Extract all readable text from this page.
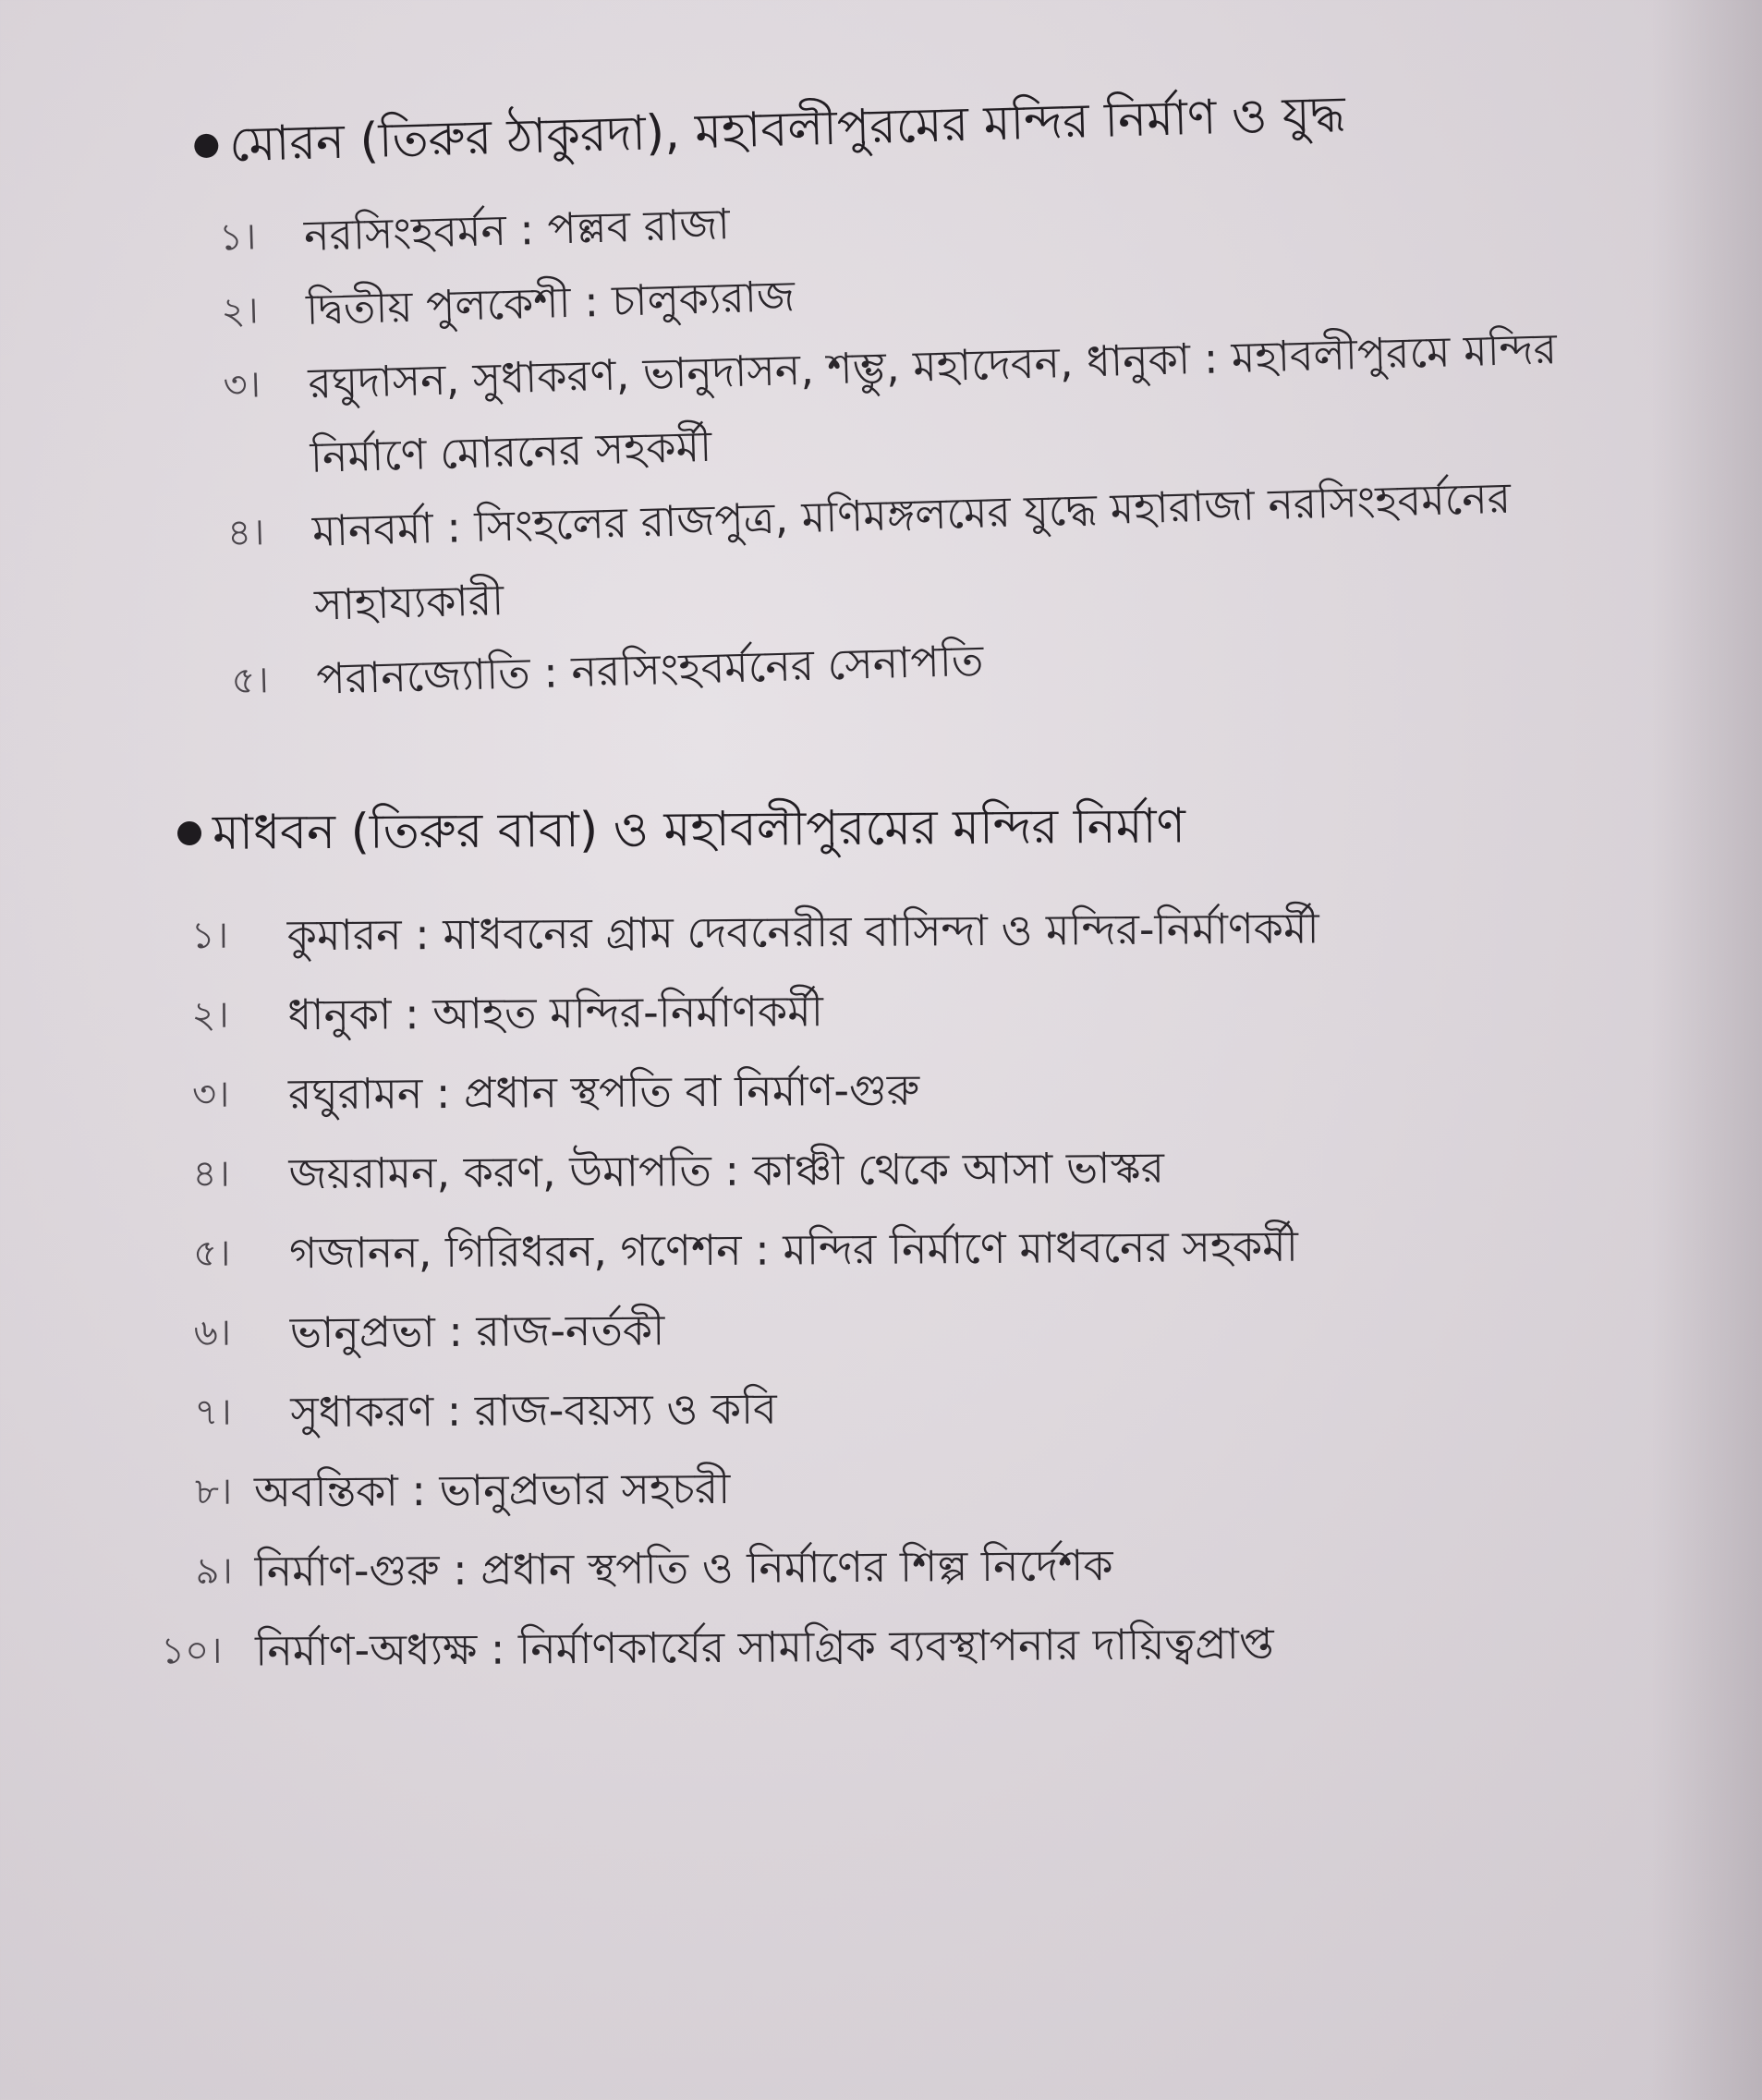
মোরন (তিরুর ঠাকুরদা), মহাবলীপুরমের মন্দির নির্মাণ ও যুদ্ধ
১। নরসিংহবর্মন : পল্লব রাজা
২। দ্বিতীয় পুলকেশী : চালুক্যরাজ
৩। রঘুদাসন, সুধাকরণ, ভানুদাসন, শম্ভু, মহাদেবন, ধানুকা : মহাবলীপুরমে মন্দির নির্মাণে মোরনের সহকর্মী
৪। মানবর্মা : সিংহলের রাজপুত্র, মণিমঙ্গলমের যুদ্ধে মহারাজা নরসিংহবর্মনের সাহায্যকারী
৫। পরানজ্যোতি : নরসিংহবর্মনের সেনাপতি
মাধবন (তিরুর বাবা) ও মহাবলীপুরমের মন্দির নির্মাণ
১। কুমারন : মাধবনের গ্রাম দেবনেরীর বাসিন্দা ও মন্দির-নির্মাণকর্মী
২। ধানুকা : আহত মন্দির-নির্মাণকর্মী
৩। রঘুরামন : প্রধান স্থপতি বা নির্মাণ-গুরু
৪। জয়রামন, করণ, উমাপতি : কাঞ্চী থেকে আসা ভাস্কর
৫। গজানন, গিরিধরন, গণেশন : মন্দির নির্মাণে মাধবনের সহকর্মী
৬। ভানুপ্রভা : রাজ-নর্তকী
৭। সুধাকরণ : রাজ-বয়স্য ও কবি
৮। অবন্তিকা : ভানুপ্রভার সহচরী
৯। নির্মাণ-গুরু : প্রধান স্থপতি ও নির্মাণের শিল্প নির্দেশক
১০। নির্মাণ-অধ্যক্ষ : নির্মাণকার্যের সামগ্রিক ব্যবস্থাপনার দায়িত্বপ্রাপ্ত
